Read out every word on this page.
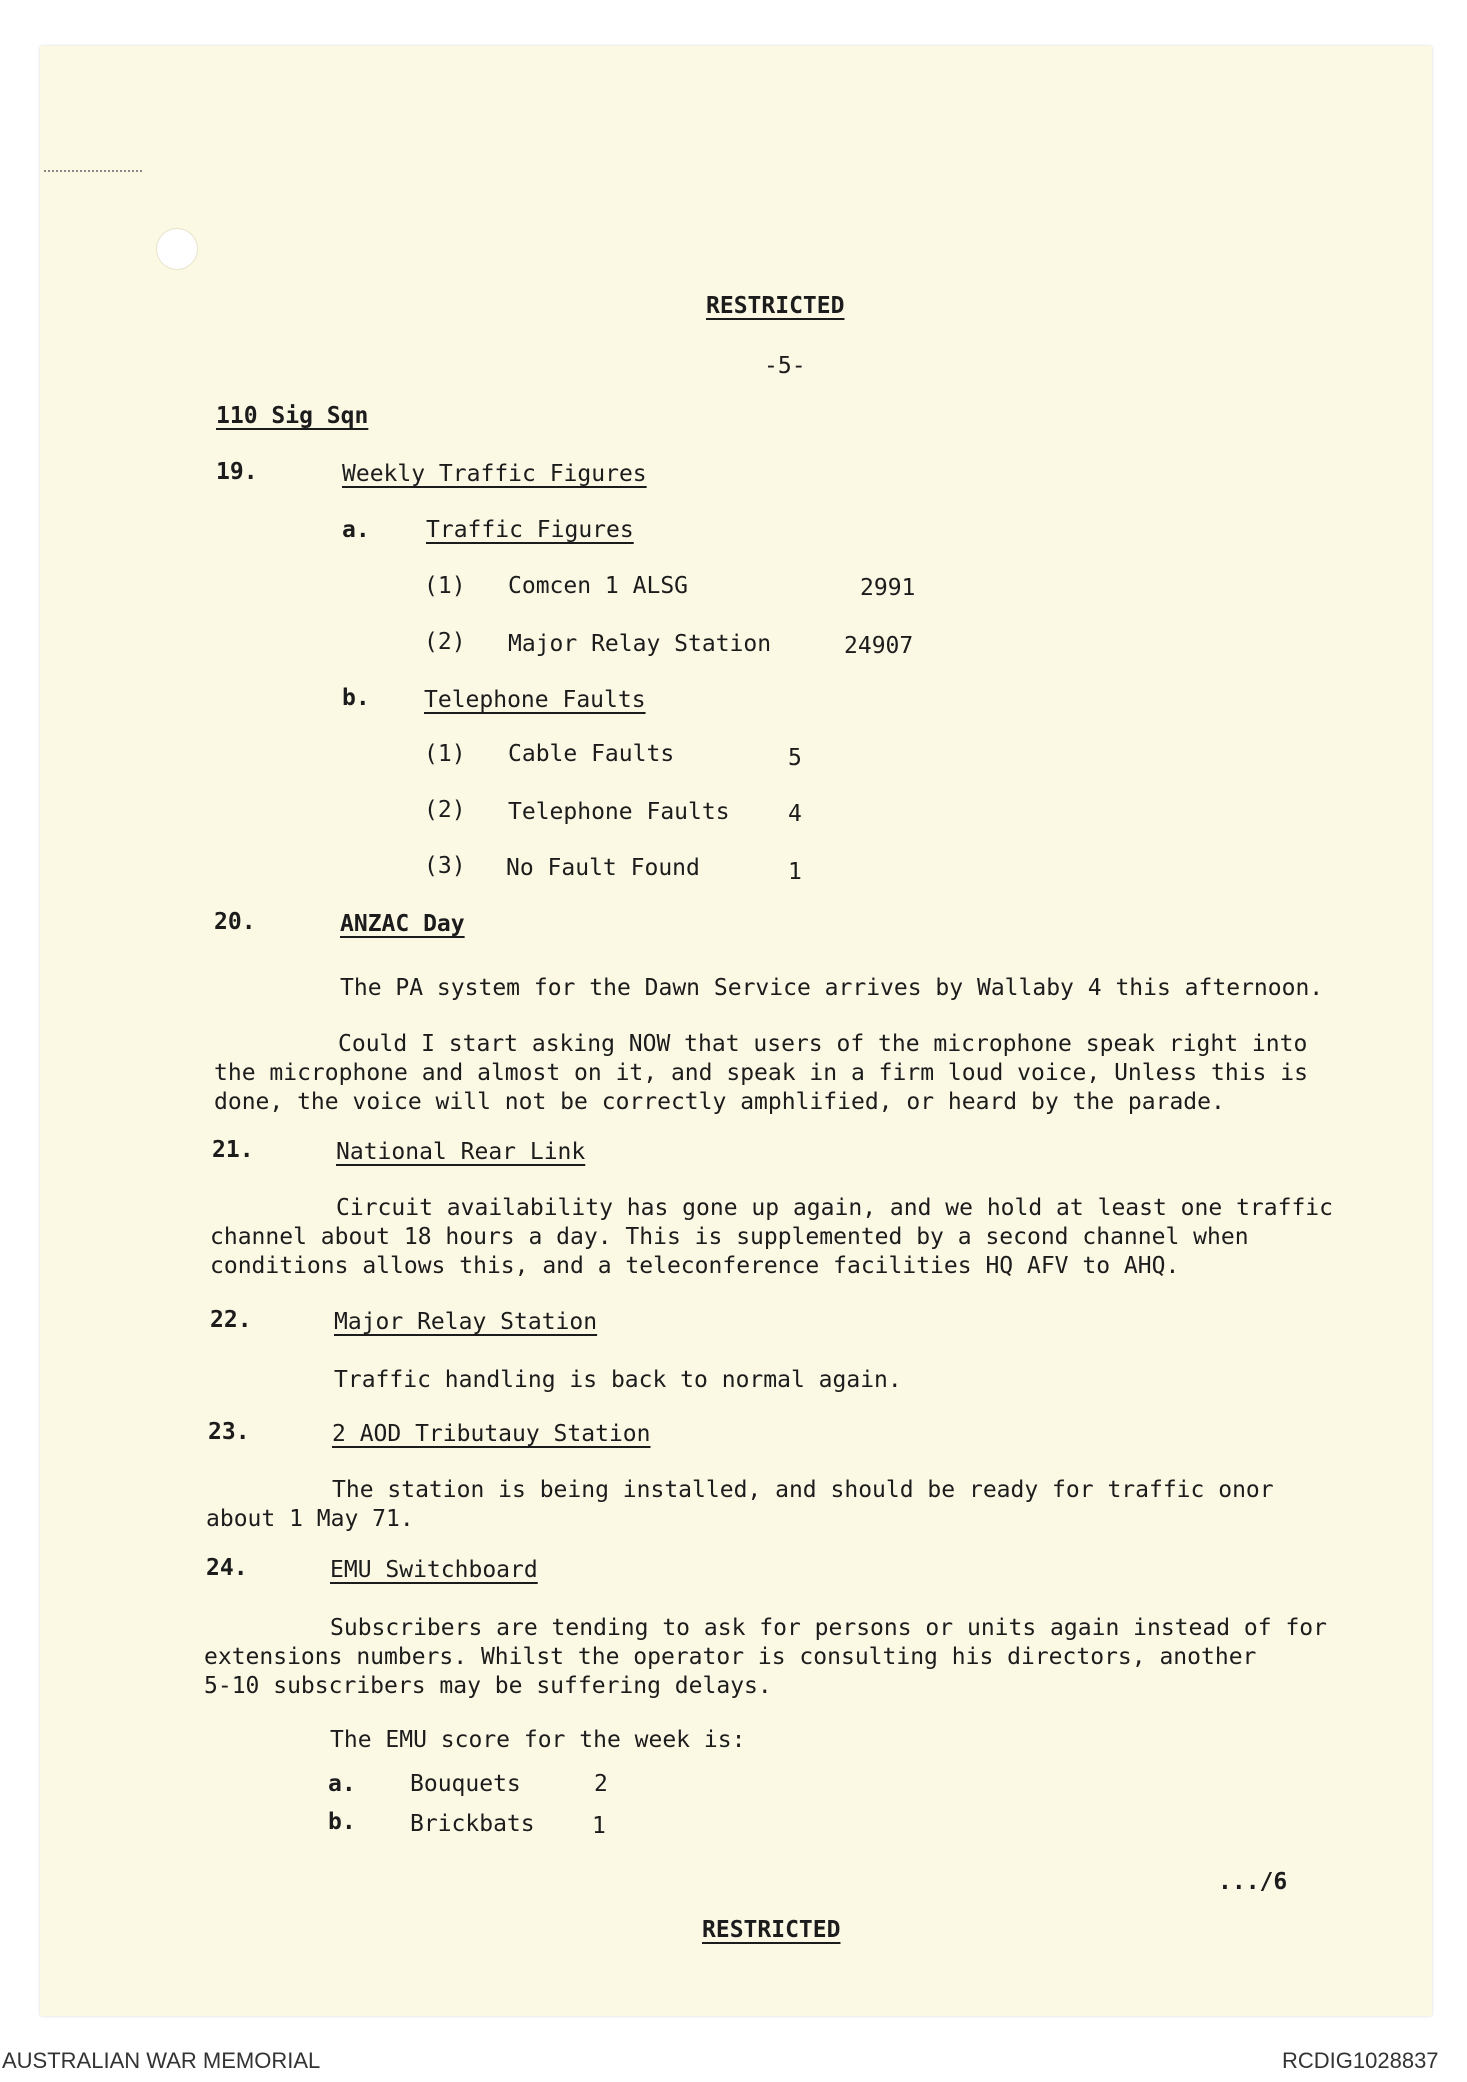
RESTRICTED
-5-
110 Sig Sqn
19.	Weekly Traffic Figures
a. Traffic Figures
(1) Comcen 1 ALSG	2991
(2) Major Relay Station	24907
b. Telephone Faults
(1) Cable Faults	5
(2) Telephone Faults	4
(3) No Fault Found	1
20.	ANZAC Day
The PA system for the Dawn Service arrives by Wallaby 4 this afternoon.
Could I start asking NOW that users of the microphone speak right into
the microphone and almost on it, and speak in a firm loud voice, Unless this is
done, the voice will not be correctly amphlified, or heard by the parade.
21.	National Rear Link
Circuit availability has gone up again, and we hold at least one traffic
channel about 18 hours a day. This is supplemented by a second channel when
conditions allows this, and a teleconference facilities HQ AFV to AHQ.
22.	Major Relay Station
Traffic handling is back to normal again.
23.	2 AOD Tributauy Station
The station is being installed, and should be ready for traffic onor
about 1 May 71.
24.	EMU Switchboard
Subscribers are tending to ask for persons or units again instead of for
extensions numbers. Whilst the operator is consulting his directors, another
5-10 subscribers may be suffering delays.
The EMU score for the week is:
a. Bouquets	2
b. Brickbats 1
.../6
RESTRICTED
AUSTRALIAN WAR MEMORIAL	RCDIG1028837
